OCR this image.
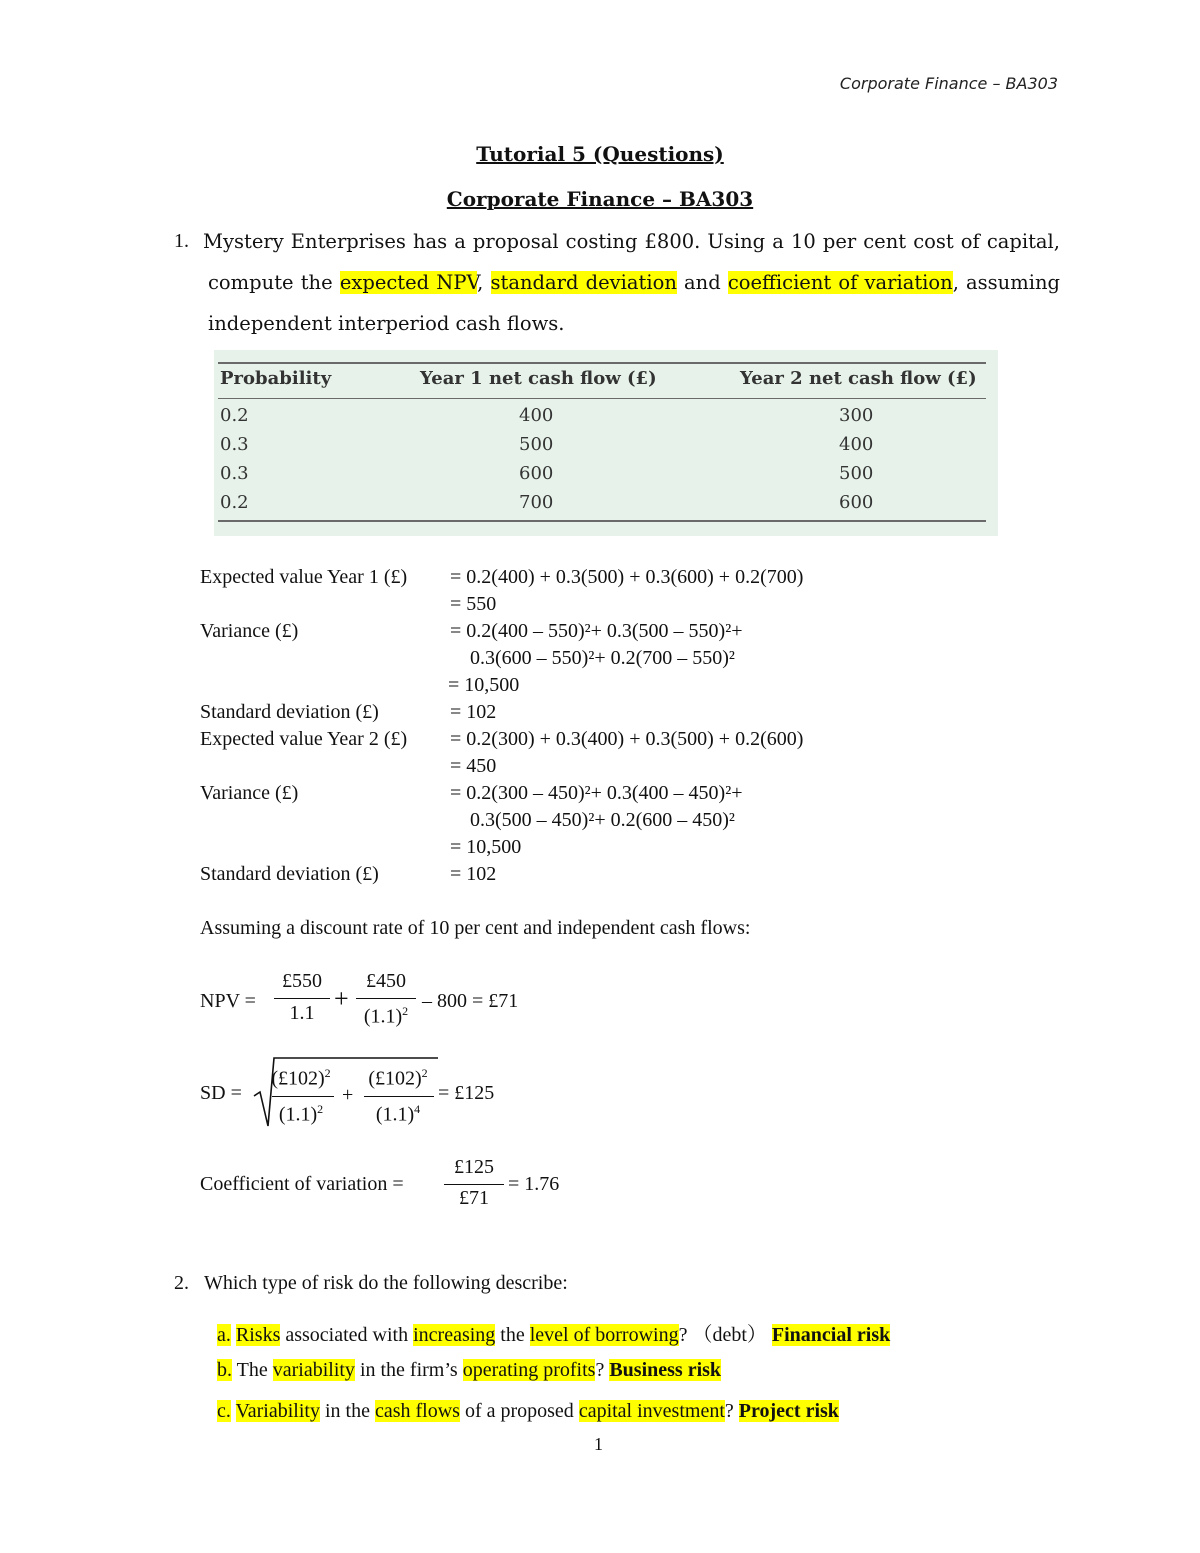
Corporate Finance – BA303
Tutorial 5 (Questions)
Corporate Finance – BA303
1. Mystery Enterprises has a proposal costing £800. Using a 10 per cent cost of capital,
compute the expected NPV, standard deviation and coefficient of variation, assuming
independent interperiod cash flows.
Probability	Year 1 net cash flow (£)	Year 2 net cash flow (£)
0.2	400	300
0.3	500	400
0.3	600	500
0.2	700	600
Expected value Year 1 (£) = 0.2(400) + 0.3(500) + 0.3(600) + 0.2(700)
= 550
Variance (£)	= 0.2(400 – 550)²+ 0.3(500 – 550)²+
0.3(600 – 550)²+ 0.2(700 – 550)²
= 10,500
Standard deviation (£)	= 102
Expected value Year 2 (£) = 0.2(300) + 0.3(400) + 0.3(500) + 0.2(600)
= 450
Variance (£)	= 0.2(300 – 450)²+ 0.3(400 – 450)²+
0.3(500 – 450)²+ 0.2(600 – 450)²
= 10,500
Standard deviation (£)	= 102
Assuming a discount rate of 10 per cent and independent cash flows:
NPV =
£550
1.1 +
£450
$(1.1)^2 - 800$ = £71
SD =
(£102)$^2$
$(1.1)^2$
+
(£102)$^2$
$(1.1)^4$
= £125
Coefficient of variation =
£125
£71
= 1.76
2. Which type of risk do the following describe:
a. Risks associated with increasing the level of borrowing? （debt） Financial risk
b. The variability in the firm’s operating profits? Business risk
c. Variability in the cash flows of a proposed capital investment? Project risk
1
